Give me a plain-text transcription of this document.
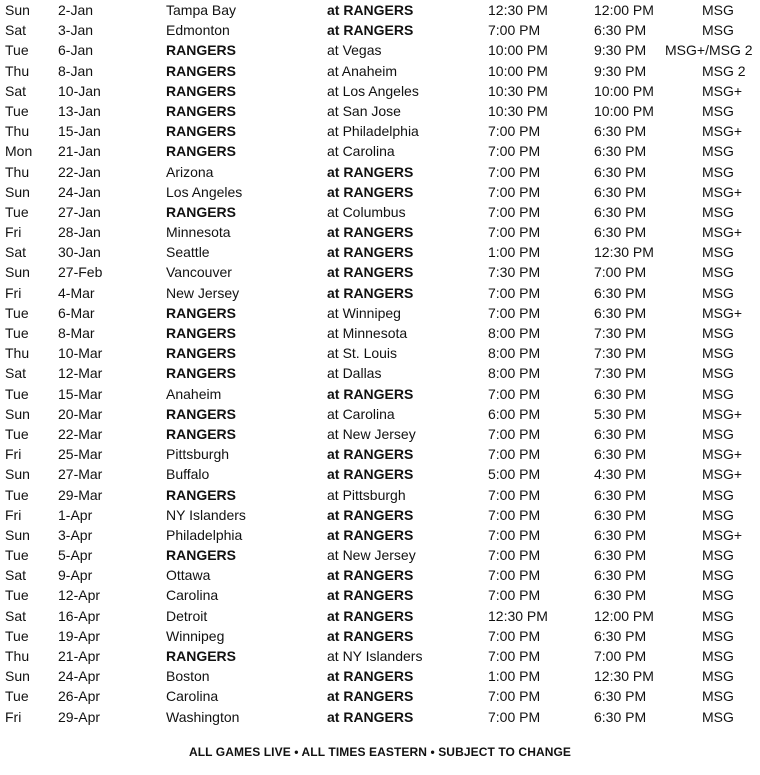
Sun 2-Jan	Tampa Bay	at RANGERS	12:30 PM	12:00 PM	MSG
Sat 3-Jan	Edmonton	at RANGERS	7:00 PM	6:30 PM	MSG
Tue 6-Jan	RANGERS	at Vegas	10:00 PM	9:30 PM MSG+/MSG 2
Thu 8-Jan	RANGERS	at Anaheim	10:00 PM	9:30 PM	MSG 2
Sat 10-Jan	RANGERS	at Los Angeles	10:30 PM	10:00 PM	MSG+
Tue 13-Jan	RANGERS	at San Jose	10:30 PM	10:00 PM	MSG
Thu 15-Jan	RANGERS	at Philadelphia	7:00 PM	6:30 PM	MSG+
Mon 21-Jan	RANGERS	at Carolina	7:00 PM	6:30 PM	MSG
Thu 22-Jan	Arizona	at RANGERS	7:00 PM	6:30 PM	MSG
Sun 24-Jan	Los Angeles	at RANGERS	7:00 PM	6:30 PM	MSG+
Tue 27-Jan	RANGERS	at Columbus	7:00 PM	6:30 PM	MSG
Fri	28-Jan	Minnesota	at RANGERS	7:00 PM	6:30 PM	MSG+
Sat 30-Jan	Seattle	at RANGERS	1:00 PM	12:30 PM	MSG
Sun 27-Feb	Vancouver	at RANGERS	7:30 PM	7:00 PM	MSG
Fri	4-Mar	New Jersey	at RANGERS	7:00 PM	6:30 PM	MSG
Tue 6-Mar	RANGERS	at Winnipeg	7:00 PM	6:30 PM	MSG+
Tue 8-Mar	RANGERS	at Minnesota	8:00 PM	7:30 PM	MSG
Thu 10-Mar	RANGERS	at St. Louis	8:00 PM	7:30 PM	MSG
Sat 12-Mar	RANGERS	at Dallas	8:00 PM	7:30 PM	MSG
Tue 15-Mar	Anaheim	at RANGERS	7:00 PM	6:30 PM	MSG
Sun 20-Mar	RANGERS	at Carolina	6:00 PM	5:30 PM	MSG+
Tue 22-Mar	RANGERS	at New Jersey	7:00 PM	6:30 PM	MSG
Fri	25-Mar	Pittsburgh	at RANGERS	7:00 PM	6:30 PM	MSG+
Sun 27-Mar	Buffalo	at RANGERS	5:00 PM	4:30 PM	MSG+
Tue 29-Mar	RANGERS	at Pittsburgh	7:00 PM	6:30 PM	MSG
Fri	1-Apr	NY Islanders	at RANGERS	7:00 PM	6:30 PM	MSG
Sun 3-Apr	Philadelphia	at RANGERS	7:00 PM	6:30 PM	MSG+
Tue 5-Apr	RANGERS	at New Jersey	7:00 PM	6:30 PM	MSG
Sat 9-Apr	Ottawa	at RANGERS	7:00 PM	6:30 PM	MSG
Tue 12-Apr	Carolina	at RANGERS	7:00 PM	6:30 PM	MSG
Sat 16-Apr	Detroit	at RANGERS	12:30 PM	12:00 PM	MSG
Tue 19-Apr	Winnipeg	at RANGERS	7:00 PM	6:30 PM	MSG
Thu 21-Apr	RANGERS	at NY Islanders	7:00 PM	7:00 PM	MSG
Sun 24-Apr	Boston	at RANGERS	1:00 PM	12:30 PM	MSG
Tue 26-Apr	Carolina	at RANGERS	7:00 PM	6:30 PM	MSG
Fri	29-Apr	Washington	at RANGERS	7:00 PM	6:30 PM	MSG
ALL GAMES LIVE • ALL TIMES EASTERN • SUBJECT TO CHANGE
